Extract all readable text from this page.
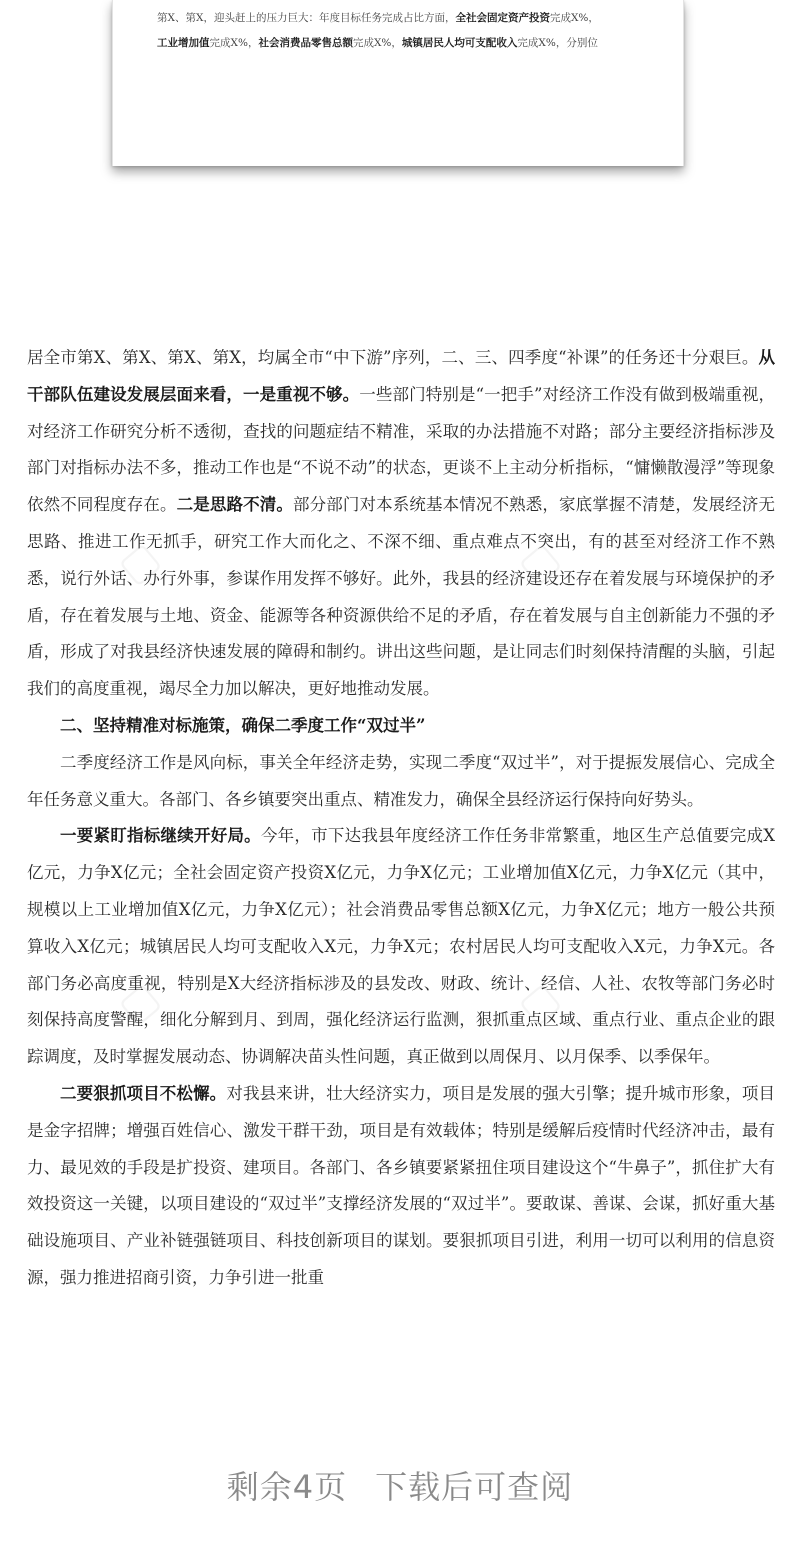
第X、第X，迎头赶上的压力巨大：年度目标任务完成占比方面，全社会固定资产投资完成X%，
工业增加值完成X%，社会消费品零售总额完成X%，城镇居民人均可支配收入完成X%，分别位

居全市第X、第X、第X、第X，均属全市“中下游”序列，二、三、四季度“补课”的任务还十分艰巨。从干部队伍建设发展层面来看，一是重视不够。一些部门特别是“一把手”对经济工作没有做到极端重视，对经济工作研究分析不透彻，查找的问题症结不精准，采取的办法措施不对路；部分主要经济指标涉及部门对指标办法不多，推动工作也是“不说不动”的状态，更谈不上主动分析指标，“慵懒散漫浮”等现象依然不同程度存在。二是思路不清。部分部门对本系统基本情况不熟悉，家底掌握不清楚，发展经济无思路、推进工作无抓手，研究工作大而化之、不深不细、重点难点不突出，有的甚至对经济工作不熟悉，说行外话、办行外事，参谋作用发挥不够好。此外，我县的经济建设还存在着发展与环境保护的矛盾，存在着发展与土地、资金、能源等各种资源供给不足的矛盾，存在着发展与自主创新能力不强的矛盾，形成了对我县经济快速发展的障碍和制约。讲出这些问题，是让同志们时刻保持清醒的头脑，引起我们的高度重视，竭尽全力加以解决，更好地推动发展。

二、坚持精准对标施策，确保二季度工作“双过半”

二季度经济工作是风向标，事关全年经济走势，实现二季度“双过半”，对于提振发展信心、完成全年任务意义重大。各部门、各乡镇要突出重点、精准发力，确保全县经济运行保持向好势头。

一要紧盯指标继续开好局。今年，市下达我县年度经济工作任务非常繁重，地区生产总值要完成X亿元，力争X亿元；全社会固定资产投资X亿元，力争X亿元；工业增加值X亿元，力争X亿元（其中，规模以上工业增加值X亿元，力争X亿元）；社会消费品零售总额X亿元，力争X亿元；地方一般公共预算收入X亿元；城镇居民人均可支配收入X元，力争X元；农村居民人均可支配收入X元，力争X元。各部门务必高度重视，特别是X大经济指标涉及的县发改、财政、统计、经信、人社、农牧等部门务必时刻保持高度警醒，细化分解到月、到周，强化经济运行监测，狠抓重点区域、重点行业、重点企业的跟踪调度，及时掌握发展动态、协调解决苗头性问题，真正做到以周保月、以月保季、以季保年。

二要狠抓项目不松懈。对我县来讲，壮大经济实力，项目是发展的强大引擎；提升城市形象，项目是金字招牌；增强百姓信心、激发干群干劲，项目是有效载体；特别是缓解后疫情时代经济冲击，最有力、最见效的手段是扩投资、建项目。各部门、各乡镇要紧紧扭住项目建设这个“牛鼻子”，抓住扩大有效投资这一关键，以项目建设的“双过半”支撑经济发展的“双过半”。要敢谋、善谋、会谋，抓好重大基础设施项目、产业补链强链项目、科技创新项目的谋划。要狠抓项目引进，利用一切可以利用的信息资源，强力推进招商引资，力争引进一批重

剩余4页 下载后可查阅
